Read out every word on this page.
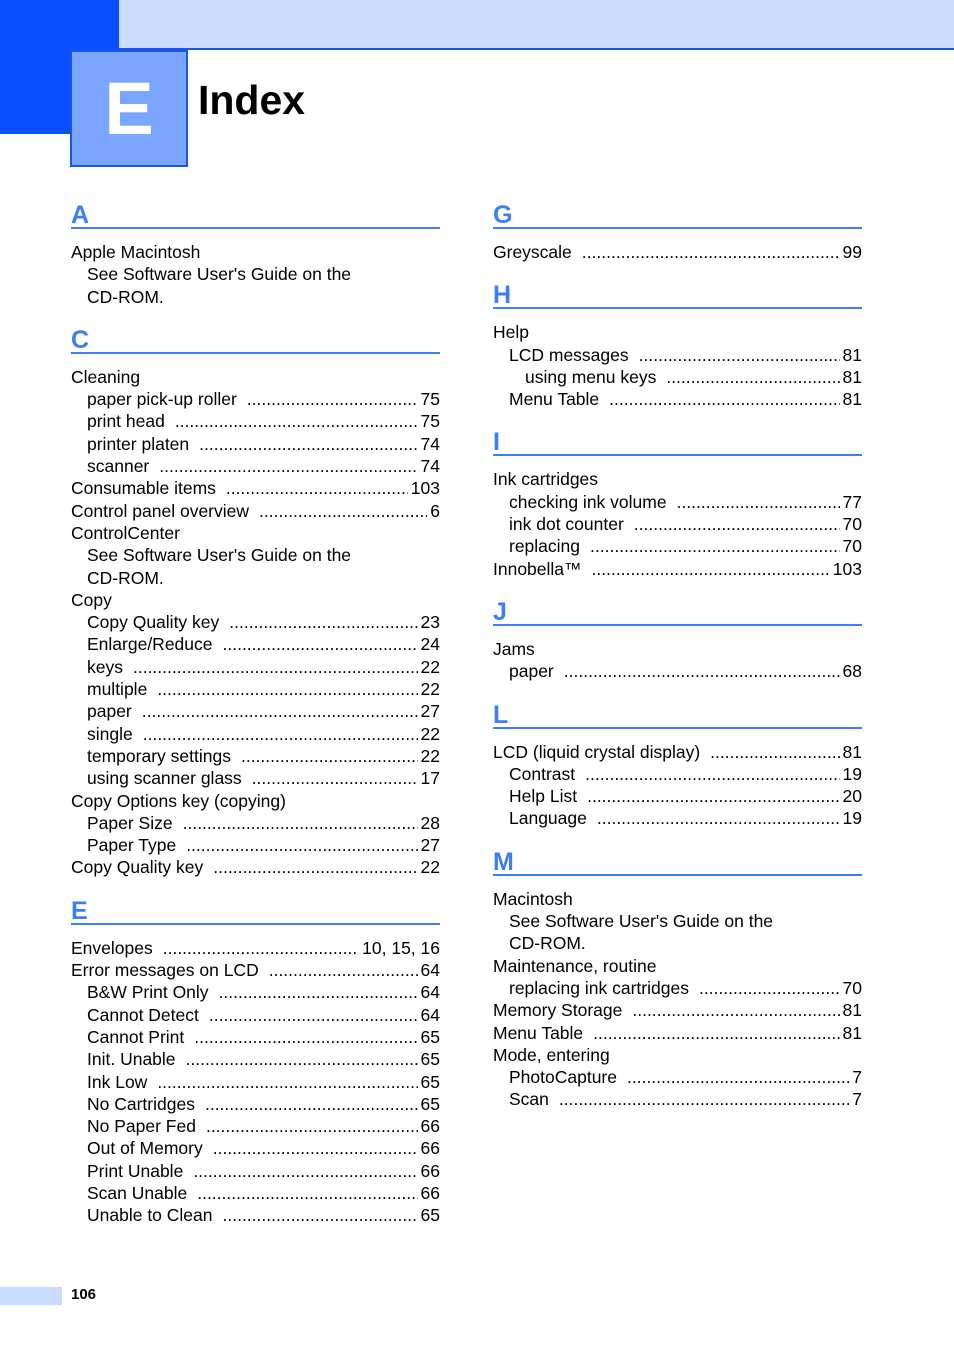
E Index
A
Apple Macintosh
See Software User's Guide on the
CD-ROM.
C
Cleaning
paper pick-up roller .....	75
print head .....	75
printer platen .....	74
scanner .....	74
Consumable items .....	103
Control panel overview .....	6
ControlCenter
See Software User's Guide on the
CD-ROM.
Copy
Copy Quality key .....	23
Enlarge/Reduce .....	24
keys .....	22
multiple .....	22
paper .....	27
single .....	22
temporary settings .....	22
using scanner glass .....	17
Copy Options key (copying)
Paper Size .....	28
Paper Type .....	27
Copy Quality key .....	22
E
Envelopes .....	10, 15, 16
Error messages on LCD .....	64
B&W Print Only .....	64
Cannot Detect .....	64
Cannot Print .....	65
Init. Unable .....	65
Ink Low .....	65
No Cartridges .....	65
No Paper Fed .....	66
Out of Memory .....	66
Print Unable .....	66
Scan Unable .....	66
Unable to Clean .....	65
G
Greyscale .....	99
H
Help
LCD messages .....	81
using menu keys .....	81
Menu Table .....	81
I
Ink cartridges
checking ink volume .....	77
ink dot counter .....	70
replacing .....	70
Innobella™ .....	103
J
Jams
paper .....	68
L
LCD (liquid crystal display) .....	81
Contrast .....	19
Help List .....	20
Language .....	19
M
Macintosh
See Software User's Guide on the
CD-ROM.
Maintenance, routine
replacing ink cartridges .....	70
Memory Storage .....	81
Menu Table .....	81
Mode, entering
PhotoCapture .....	7
Scan .....	7
106
